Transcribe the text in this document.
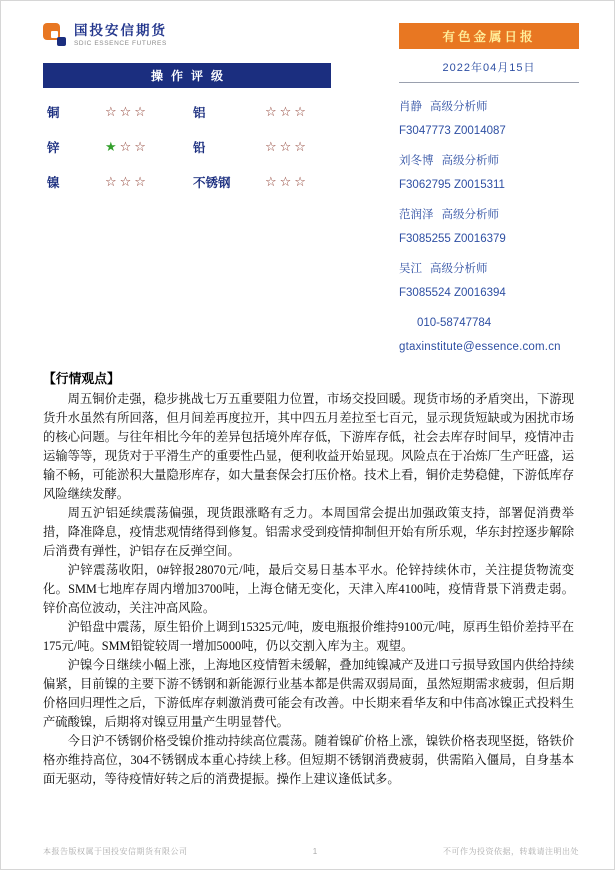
国投安信期货
SDIC ESSENCE FUTURES
操作评级
铜	☆☆☆	铝	☆☆☆
锌	★☆☆	铅	☆☆☆
镍	☆☆☆	不锈钢	☆☆☆
有色金属日报
2022年04月15日
肖静 高级分析师
F3047773 Z0014087
刘冬博 高级分析师
F3062795 Z0015311
范润泽 高级分析师
F3085255 Z0016379
吴江 高级分析师
F3085524 Z0016394
010-58747784
gtaxinstitute@essence.com.cn
【行情观点】

周五铜价走强，稳步挑战七万五重要阻力位置，市场交投回暖。现货市场的矛盾突出，下游现货升水虽然有所回落，但月间差再度拉开，其中四五月差拉至七百元，显示现货短缺或为困扰市场的核心问题。与往年相比今年的差异包括境外库存低，下游库存低，社会去库存时间早，疫情冲击运输等等，现货对于平滑生产的重要性凸显，便利收益开始显现。风险点在于冶炼厂生产旺盛，运输不畅，可能淤积大量隐形库存，如大量套保会打压价格。技术上看，铜价走势稳健，下游低库存风险继续发酵。

周五沪铝延续震荡偏强，现货跟涨略有乏力。本周国常会提出加强政策支持，部署促消费举措，降准降息，疫情悲观情绪得到修复。铝需求受到疫情抑制但开始有所乐观，华东封控逐步解除后消费有弹性，沪铝存在反弹空间。

沪锌震荡收阳，0#锌报28070元/吨，最后交易日基本平水。伦锌持续休市，关注提货物流变化。SMM七地库存周内增加3700吨，上海仓储无变化，天津入库4100吨，疫情背景下消费走弱。锌价高位波动，关注冲高风险。

沪铅盘中震荡，原生铅价上调到15325元/吨，废电瓶报价维持9100元/吨，原再生铅价差持平在175元/吨。SMM铅锭较周一增加5000吨，仍以交割入库为主。观望。

沪镍今日继续小幅上涨，上海地区疫情暂未缓解，叠加纯镍减产及进口亏损导致国内供给持续偏紧，目前镍的主要下游不锈钢和新能源行业基本都是供需双弱局面，虽然短期需求疲弱，但后期价格回归理性之后，下游低库存刺激消费可能会有改善。中长期来看华友和中伟高冰镍正式投料生产硫酸镍，后期将对镍豆用量产生明显替代。

今日沪不锈钢价格受镍价推动持续高位震荡。随着镍矿价格上涨，镍铁价格表现坚挺，铬铁价格亦维持高位，304不锈钢成本重心持续上移。但短期不锈钢消费疲弱，供需陷入僵局，自身基本面无驱动，等待疫情好转之后的消费提振。操作上建议逢低试多。

本报告版权属于国投安信期货有限公司	1	不可作为投资依据，转载请注明出处
